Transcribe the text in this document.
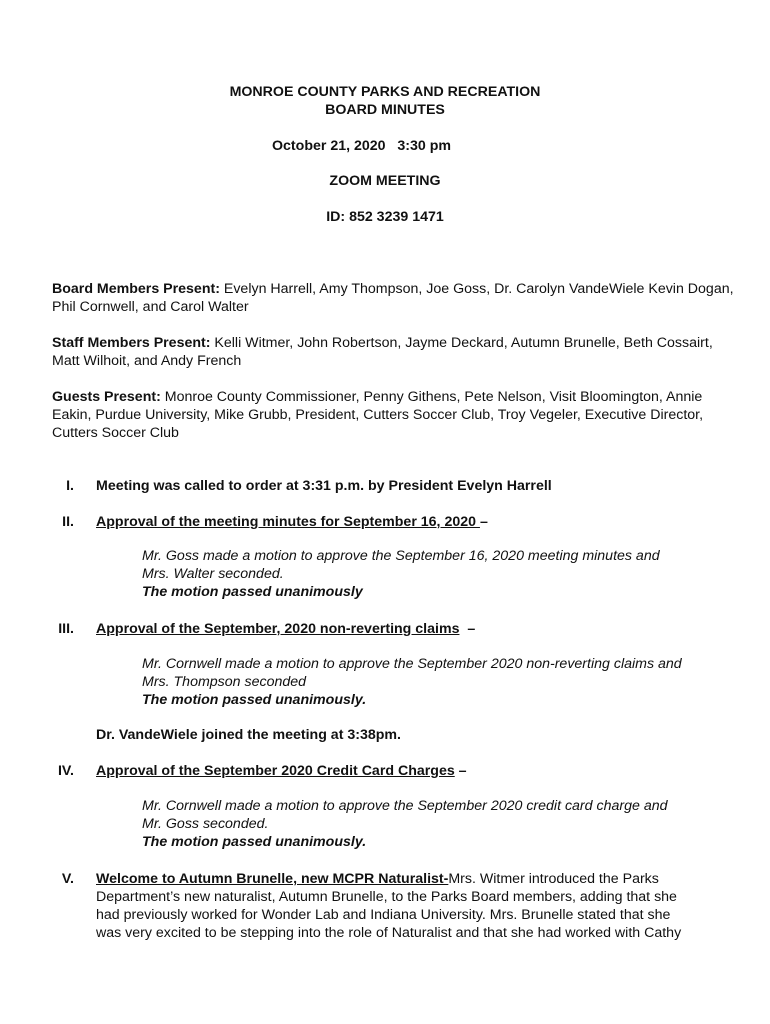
MONROE COUNTY PARKS AND RECREATION
BOARD MINUTES
October 21, 2020   3:30 pm
ZOOM MEETING
ID: 852 3239 1471
Board Members Present: Evelyn Harrell, Amy Thompson, Joe Goss, Dr. Carolyn VandeWiele Kevin Dogan, Phil Cornwell, and Carol Walter
Staff Members Present: Kelli Witmer, John Robertson, Jayme Deckard, Autumn Brunelle, Beth Cossairt, Matt Wilhoit, and Andy French
Guests Present: Monroe County Commissioner, Penny Githens, Pete Nelson, Visit Bloomington, Annie Eakin, Purdue University, Mike Grubb, President, Cutters Soccer Club, Troy Vegeler, Executive Director, Cutters Soccer Club
I. Meeting was called to order at 3:31 p.m. by President Evelyn Harrell
II. Approval of the meeting minutes for September 16, 2020 –
Mr. Goss made a motion to approve the September 16, 2020 meeting minutes and
Mrs. Walter seconded.
The motion passed unanimously
III. Approval of the September, 2020 non-reverting claims  –
Mr. Cornwell made a motion to approve the September 2020 non-reverting claims and
Mrs. Thompson seconded
The motion passed unanimously.
Dr. VandeWiele joined the meeting at 3:38pm.
IV. Approval of the September 2020 Credit Card Charges –
Mr. Cornwell made a motion to approve the September 2020 credit card charge and
Mr. Goss seconded.
The motion passed unanimously.
V. Welcome to Autumn Brunelle, new MCPR Naturalist-Mrs. Witmer introduced the Parks
Department’s new naturalist, Autumn Brunelle, to the Parks Board members, adding that she
had previously worked for Wonder Lab and Indiana University. Mrs. Brunelle stated that she
was very excited to be stepping into the role of Naturalist and that she had worked with Cathy
